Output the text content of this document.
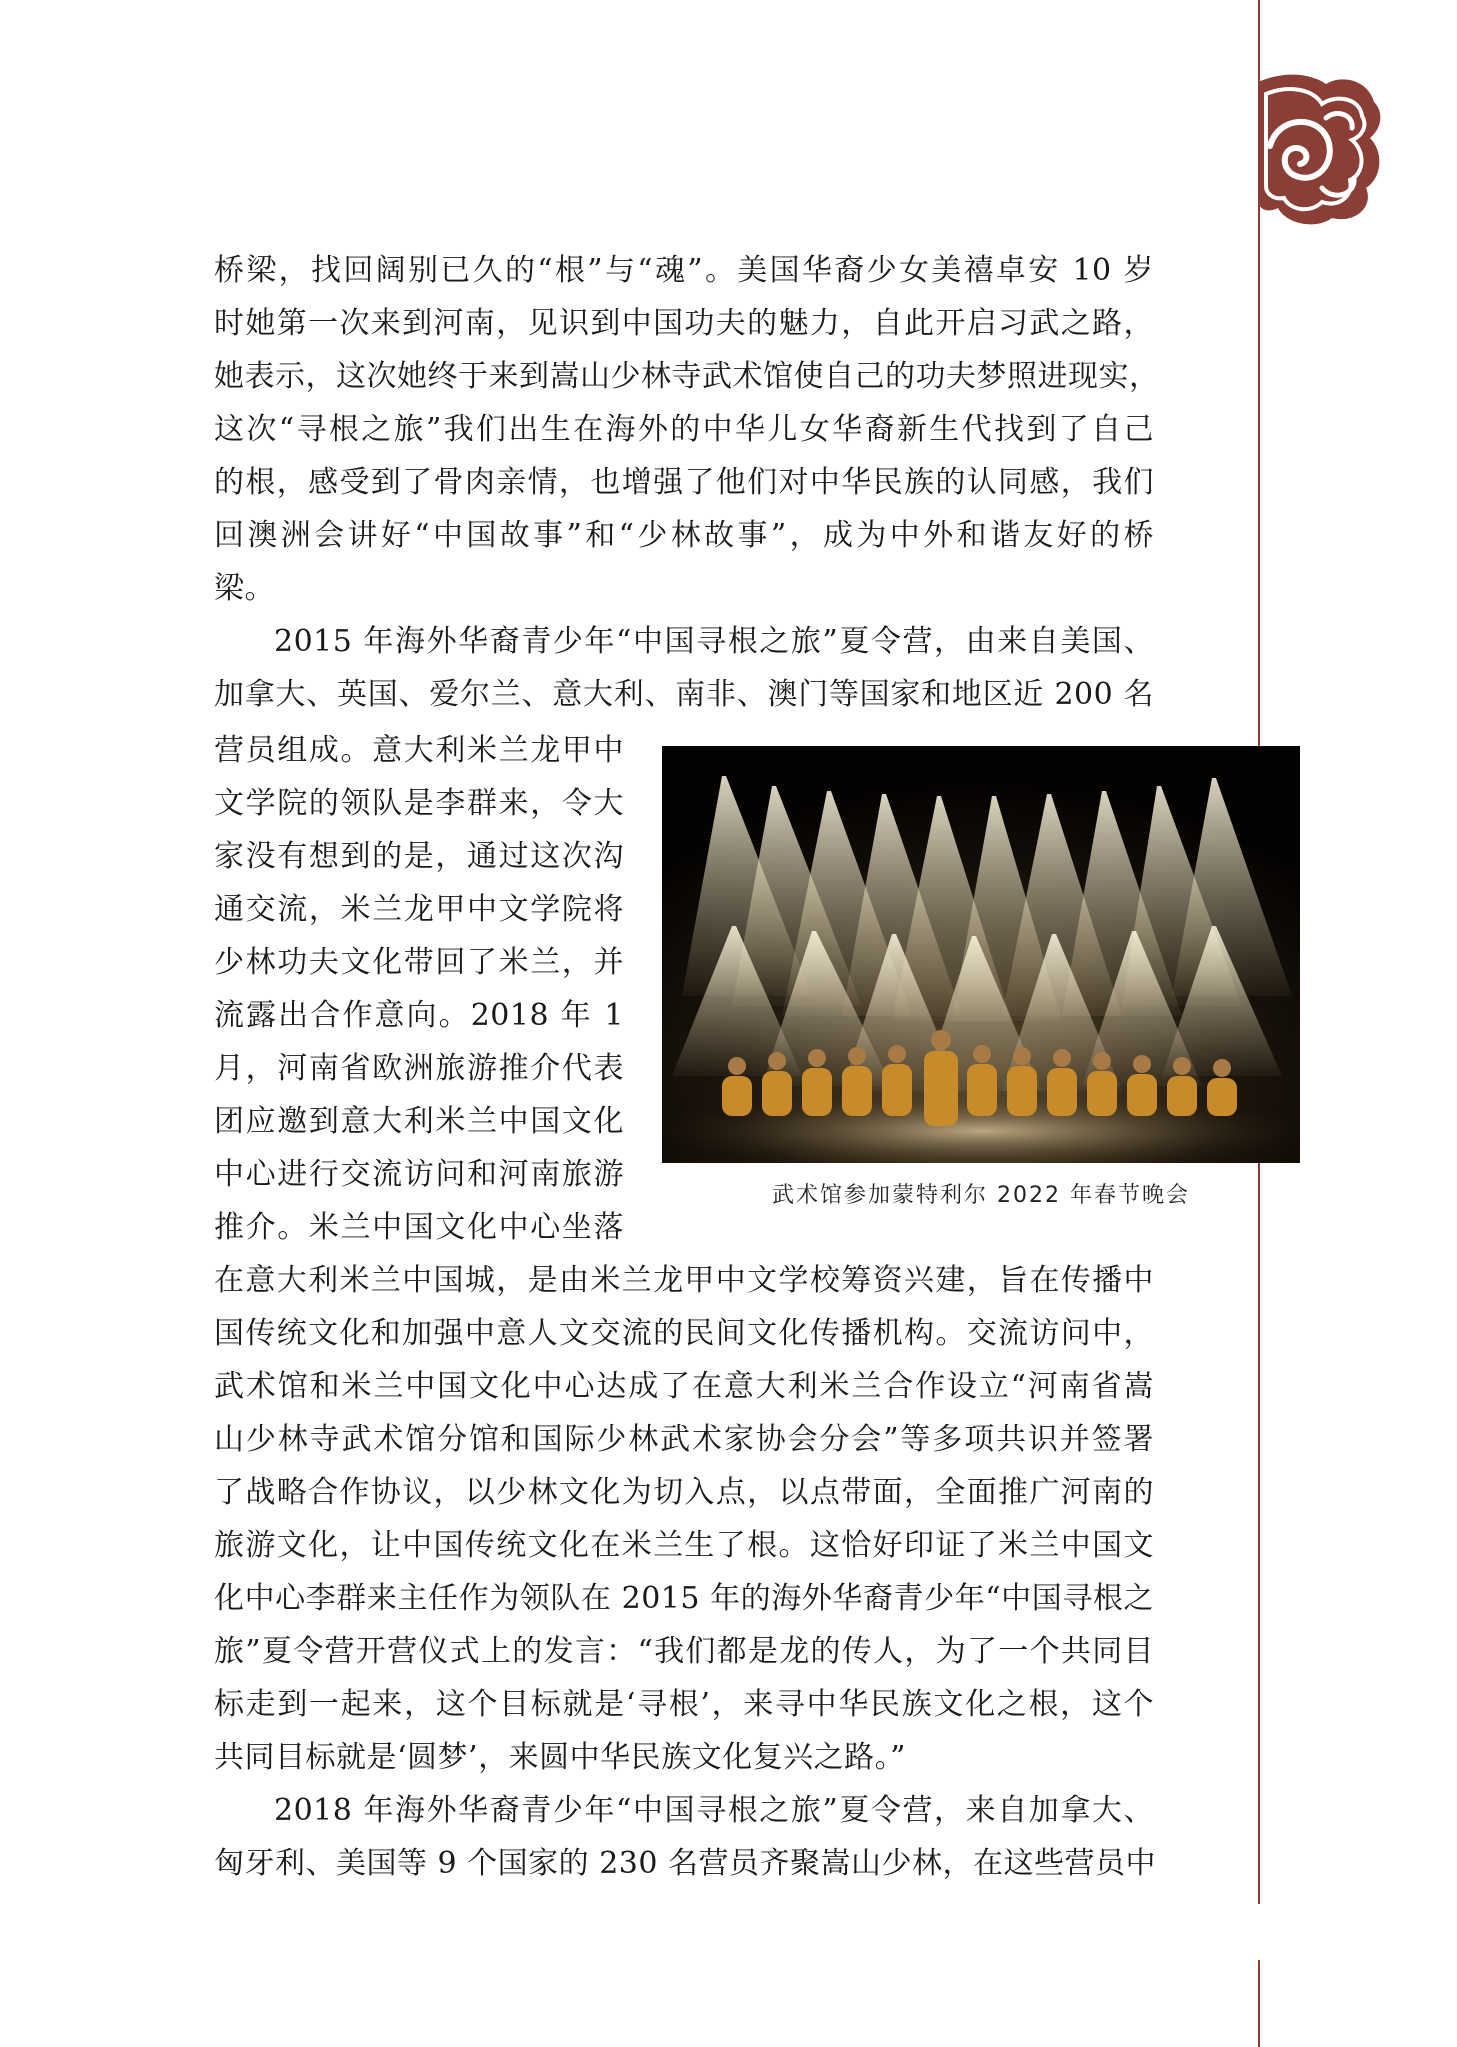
桥梁，找回阔别已久的“根”与“魂”。美国华裔少女美禧卓安 10 岁

时她第一次来到河南，见识到中国功夫的魅力，自此开启习武之路，

她表示，这次她终于来到嵩山少林寺武术馆使自己的功夫梦照进现实，

这次“寻根之旅”我们出生在海外的中华儿女华裔新生代找到了自己

的根，感受到了骨肉亲情，也增强了他们对中华民族的认同感，我们

回澳洲会讲好“中国故事”和“少林故事”，成为中外和谐友好的桥

梁。

2015 年海外华裔青少年“中国寻根之旅”夏令营，由来自美国、

加拿大、英国、爱尔兰、意大利、南非、澳门等国家和地区近 200 名

营员组成。意大利米兰龙甲中

文学院的领队是李群来，令大

家没有想到的是，通过这次沟

通交流，米兰龙甲中文学院将

少林功夫文化带回了米兰，并

流露出合作意向。2018 年 1

月，河南省欧洲旅游推介代表

团应邀到意大利米兰中国文化

中心进行交流访问和河南旅游

推介。米兰中国文化中心坐落

武术馆参加蒙特利尔 2022 年春节晚会

在意大利米兰中国城，是由米兰龙甲中文学校筹资兴建，旨在传播中

国传统文化和加强中意人文交流的民间文化传播机构。交流访问中，

武术馆和米兰中国文化中心达成了在意大利米兰合作设立“河南省嵩

山少林寺武术馆分馆和国际少林武术家协会分会”等多项共识并签署

了战略合作协议，以少林文化为切入点，以点带面，全面推广河南的

旅游文化，让中国传统文化在米兰生了根。这恰好印证了米兰中国文

化中心李群来主任作为领队在 2015 年的海外华裔青少年“中国寻根之

旅”夏令营开营仪式上的发言：“我们都是龙的传人，为了一个共同目

标走到一起来，这个目标就是‘寻根’，来寻中华民族文化之根，这个

共同目标就是‘圆梦’，来圆中华民族文化复兴之路。”

2018 年海外华裔青少年“中国寻根之旅”夏令营，来自加拿大、

匈牙利、美国等 9 个国家的 230 名营员齐聚嵩山少林，在这些营员中
